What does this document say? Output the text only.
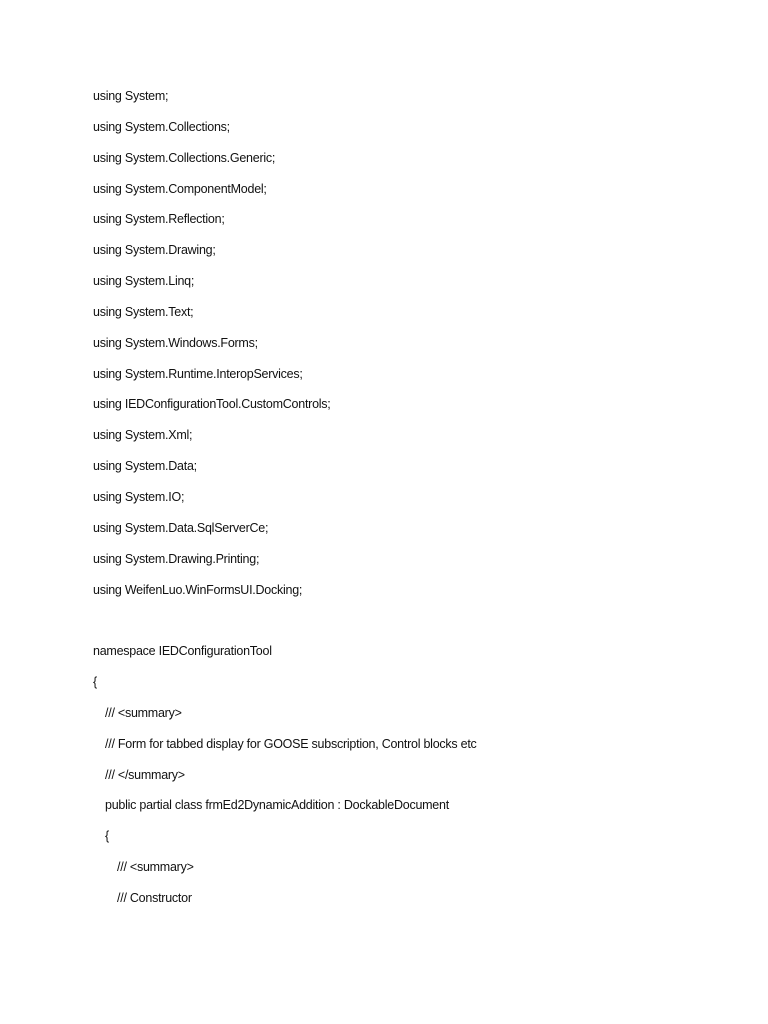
using System;
using System.Collections;
using System.Collections.Generic;
using System.ComponentModel;
using System.Reflection;
using System.Drawing;
using System.Linq;
using System.Text;
using System.Windows.Forms;
using System.Runtime.InteropServices;
using IEDConfigurationTool.CustomControls;
using System.Xml;
using System.Data;
using System.IO;
using System.Data.SqlServerCe;
using System.Drawing.Printing;
using WeifenLuo.WinFormsUI.Docking;
namespace IEDConfigurationTool
{
/// <summary>
/// Form for tabbed display for GOOSE subscription, Control blocks etc
/// </summary>
public partial class frmEd2DynamicAddition : DockableDocument
{
/// <summary>
/// Constructor
